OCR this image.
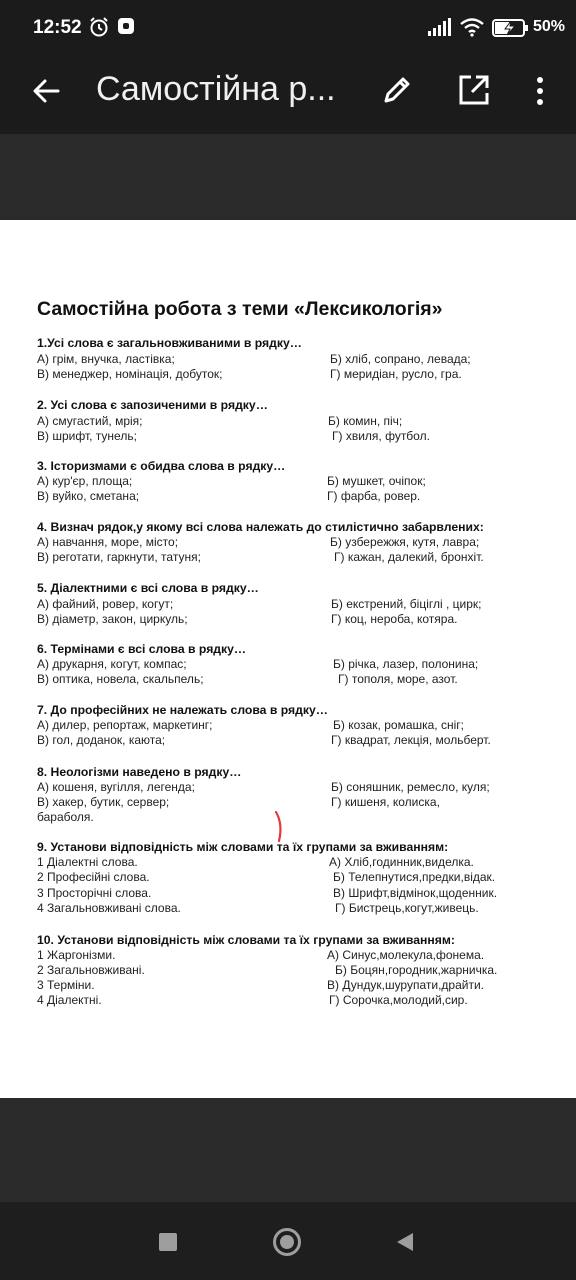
12:52	50%
Самостійна р...
Самостійна робота з теми «Лексикологія»
1.Усі слова є загальновживаними в рядку…
А) грім, внучка, ластівка;	Б) хліб, сопрано, левада;
В) менеджер, номінація, добуток;	Г) меридіан, русло, гра.
2. Усі слова є запозиченими в рядку…
А) смугастий, мрія;	Б) комин, піч;
В) шрифт, тунель;	Г) хвиля, футбол.
3. Історизмами є обидва слова в рядку…
А) кур'єр, площа;	Б) мушкет, очіпок;
В) вуйко, сметана;	Г) фарба, ровер.
4. Визнач рядок,у якому всі слова належать до стилістично забарвлених:
А) навчання, море, місто;	Б) узбережжя, кутя, лавра;
В) реготати, гаркнути, татуня;	Г) кажан, далекий, бронхіт.
5. Діалектними є всі слова в рядку…
А) файний, ровер, когут;	Б) екстрений, біцiглі , цирк;
В) діаметр, закон, циркуль;	Г) коц, нероба, котяра.
6. Термінами є всі слова в рядку…
А) друкарня, когут, компас;	Б) річка, лазер, полонина;
В) оптика, новела, скальпель;	Г) тополя, море, азот.
7. До професійних не належать слова в рядку…
А) дилер, репортаж, маркетинг;	Б) козак, ромашка, сніг;
В) гол, доданок, каюта;	Г) квадрат, лекція, мольберт.
8. Неологізми наведено в рядку…
А) кошеня, вугілля, легенда;	Б) соняшник, ремесло, куля;
В) хакер, бутик, сервер;	Г) кишеня, колиска,
бараболя.
9. Установи відповідність між словами та їх групами за вживанням:
1 Діалектні слова.	А) Хліб,годинник,виделка.
2 Професійні слова.	Б) Телепнутися,предки,відак.
3 Просторічні слова.	В) Шрифт,відмінок,щоденник.
4 Загальновживані слова.	Г) Бистрець,когут,живець.
10. Установи відповідність між словами та їх групами за вживанням:
1 Жаргонізми.	А) Синус,молекула,фонема.
2 Загальновживані.	Б) Боцян,городник,жарничка.
3 Терміни.	В) Дундук,шурупати,драйти.
4 Діалектні.	Г) Сорочка,молодий,сир.
